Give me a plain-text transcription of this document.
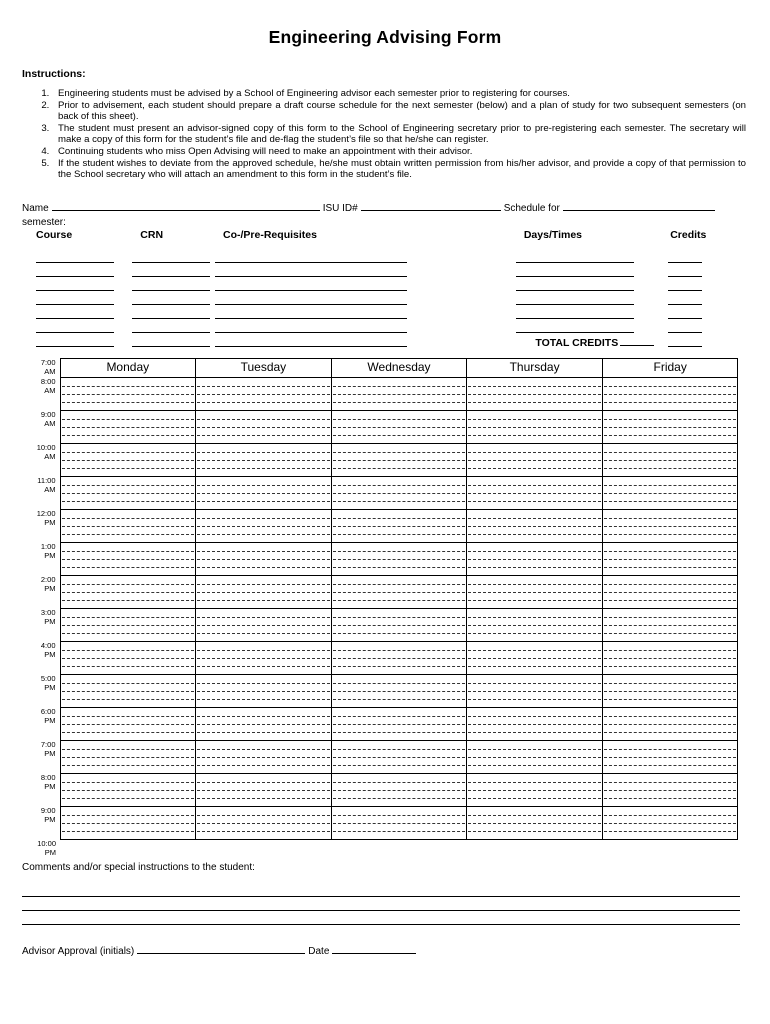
Engineering Advising Form
Instructions:
1. Engineering students must be advised by a School of Engineering advisor each semester prior to registering for courses.
2. Prior to advisement, each student should prepare a draft course schedule for the next semester (below) and a plan of study for two subsequent semesters (on back of this sheet).
3. The student must present an advisor-signed copy of this form to the School of Engineering secretary prior to pre-registering each semester. The secretary will make a copy of this form for the student’s file and de-flag the student’s file so that he/she can register.
4. Continuing students who miss Open Advising will need to make an appointment with their advisor.
5. If the student wishes to deviate from the approved schedule, he/she must obtain written permission from his/her advisor, and provide a copy of that permission to the School secretary who will attach an amendment to this form in the student’s file.
Name	ISU ID#	Schedule for
semester:
Course	CRN	Co-/Pre-Requisites	Days/Times	Credits

	TOTAL CREDITS	
7:00
AM	Monday	Tuesday	Wednesday	Thursday	Friday

8:00
AM					

9:00
AM					

10:00
AM					

11:00
AM					

12:00
PM					

1:00
PM					

2:00
PM					

3:00
PM					

4:00
PM					

5:00
PM					

6:00
PM					

7:00
PM					

8:00
PM					

9:00
PM					

10:00
PM					

Comments and/or special instructions to the student:
Advisor Approval (initials)	Date
